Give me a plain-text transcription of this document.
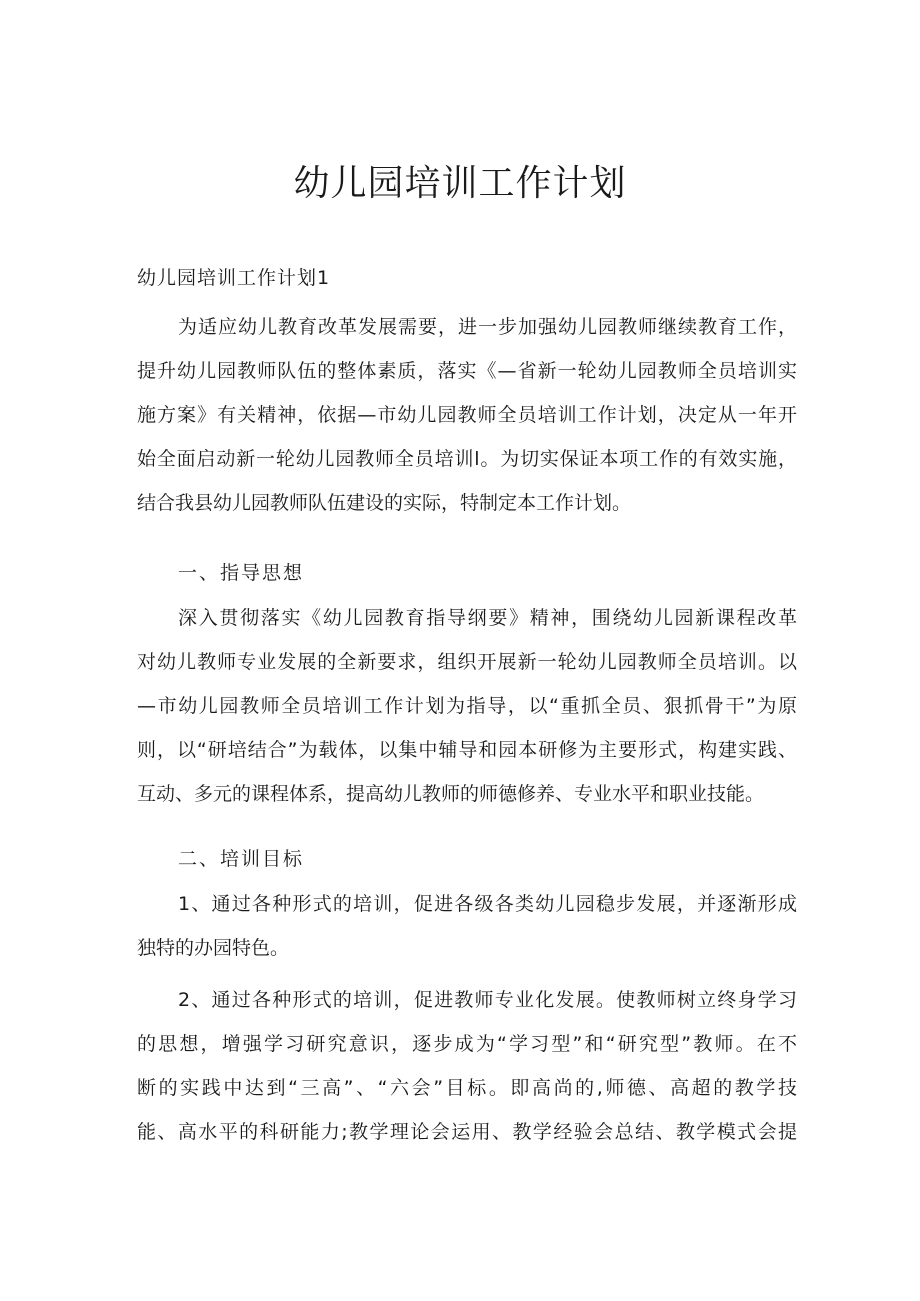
幼儿园培训工作计划

幼儿园培训工作计划1

为适应幼儿教育改革发展需要，进一步加强幼儿园教师继续教育工作，
提升幼儿园教师队伍的整体素质，落实《—省新一轮幼儿园教师全员培训实
施方案》有关精神，依据—市幼儿园教师全员培训工作计划，决定从一年开
始全面启动新一轮幼儿园教师全员培训l。为切实保证本项工作的有效实施，
结合我县幼儿园教师队伍建设的实际，特制定本工作计划。
一、指导思想
深入贯彻落实《幼儿园教育指导纲要》精神，围绕幼儿园新课程改革
对幼儿教师专业发展的全新要求，组织开展新一轮幼儿园教师全员培训。以
—市幼儿园教师全员培训工作计划为指导，以“重抓全员、狠抓骨干”为原
则，以“研培结合”为载体，以集中辅导和园本研修为主要形式，构建实践、
互动、多元的课程体系，提高幼儿教师的师德修养、专业水平和职业技能。
二、培训目标
1、通过各种形式的培训，促进各级各类幼儿园稳步发展，并逐渐形成
独特的办园特色。
2、通过各种形式的培训，促进教师专业化发展。使教师树立终身学习
的思想，增强学习研究意识，逐步成为“学习型”和“研究型”教师。在不
断的实践中达到“三高”、“六会”目标。即高尚的,师德、高超的教学技
能、高水平的科研能力;教学理论会运用、教学经验会总结、教学模式会提
